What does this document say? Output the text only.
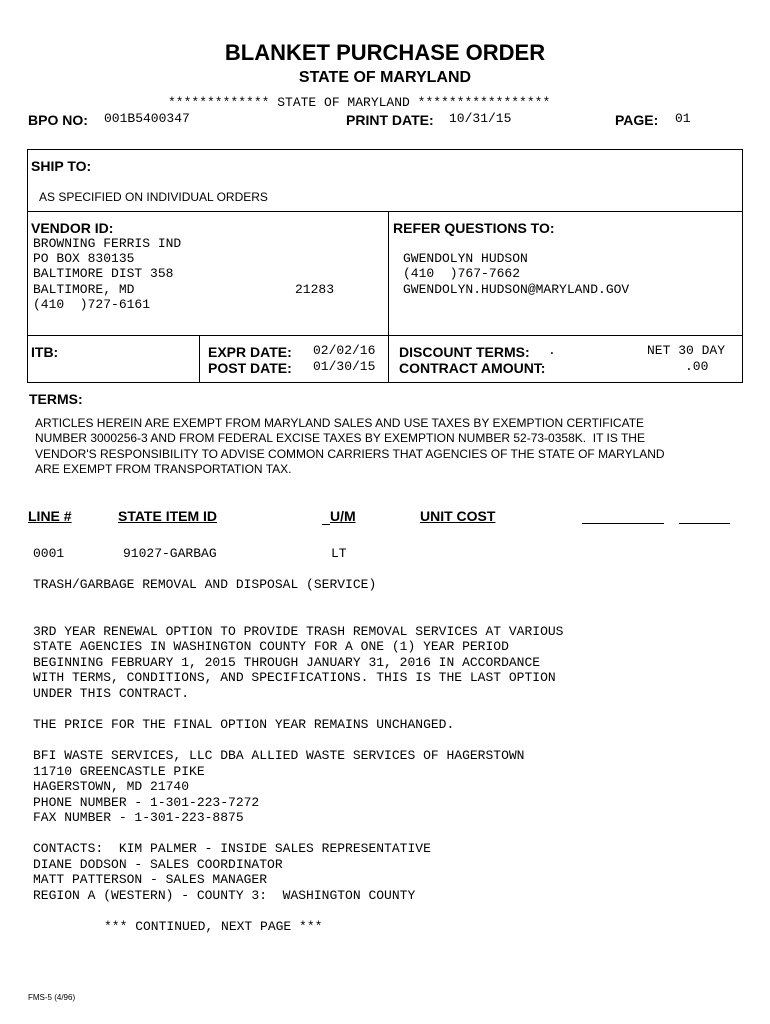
BLANKET PURCHASE ORDER
STATE OF MARYLAND
************* STATE OF MARYLAND *****************
BPO NO: 001B5400347	PRINT DATE: 10/31/15	PAGE: 01
SHIP TO:
AS SPECIFIED ON INDIVIDUAL ORDERS
VENDOR ID:
BROWNING FERRIS IND
PO BOX 830135
BALTIMORE DIST 358
BALTIMORE, MD	21283
(410  )727-6161
REFER QUESTIONS TO:
GWENDOLYN HUDSON
(410  )767-7662
GWENDOLYN.HUDSON@MARYLAND.GOV
ITB:	EXPR DATE: 02/02/16
POST DATE: 01/30/15
DISCOUNT TERMS: .	NET 30 DAY
CONTRACT AMOUNT:	.00
TERMS:
ARTICLES HEREIN ARE EXEMPT FROM MARYLAND SALES AND USE TAXES BY EXEMPTION CERTIFICATE
NUMBER 3000256-3 AND FROM FEDERAL EXCISE TAXES BY EXEMPTION NUMBER 52-73-0358K.  IT IS THE
VENDOR'S RESPONSIBILITY TO ADVISE COMMON CARRIERS THAT AGENCIES OF THE STATE OF MARYLAND
ARE EXEMPT FROM TRANSPORTATION TAX.
LINE #	STATE ITEM ID	U/M	UNIT COST
0001	91027-GARBAG	LT
TRASH/GARBAGE REMOVAL AND DISPOSAL (SERVICE)
3RD YEAR RENEWAL OPTION TO PROVIDE TRASH REMOVAL SERVICES AT VARIOUS
STATE AGENCIES IN WASHINGTON COUNTY FOR A ONE (1) YEAR PERIOD
BEGINNING FEBRUARY 1, 2015 THROUGH JANUARY 31, 2016 IN ACCORDANCE
WITH TERMS, CONDITIONS, AND SPECIFICATIONS. THIS IS THE LAST OPTION
UNDER THIS CONTRACT.
THE PRICE FOR THE FINAL OPTION YEAR REMAINS UNCHANGED.
BFI WASTE SERVICES, LLC DBA ALLIED WASTE SERVICES OF HAGERSTOWN
11710 GREENCASTLE PIKE
HAGERSTOWN, MD 21740
PHONE NUMBER - 1-301-223-7272
FAX NUMBER - 1-301-223-8875
CONTACTS:  KIM PALMER - INSIDE SALES REPRESENTATIVE
DIANE DODSON - SALES COORDINATOR
MATT PATTERSON - SALES MANAGER
REGION A (WESTERN) - COUNTY 3:  WASHINGTON COUNTY
*** CONTINUED, NEXT PAGE ***
FMS-5 (4/96)
